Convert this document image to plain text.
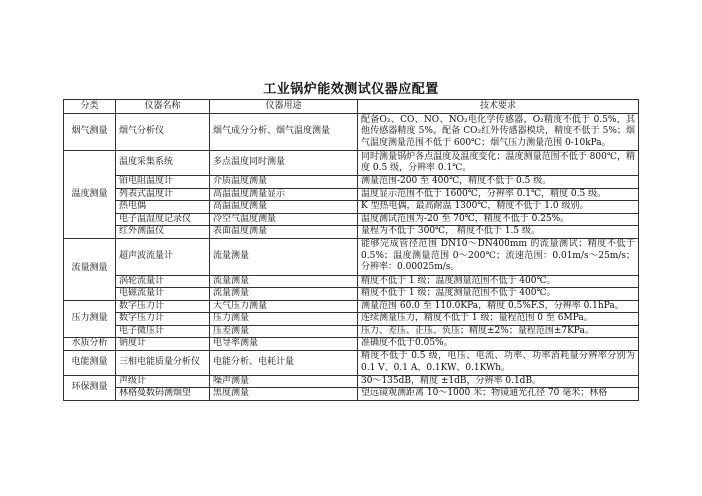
工业锅炉能效测试仪器应配置
分类	仪器名称	仪器用途	技术要求
烟气测量	烟气分析仪	烟气成分分析、烟气温度测量	配备O₂、CO、NO、NO₂电化学传感器，O₂精度不低于 0.5%，其他传感器精度 5%。配备 CO₂红外传感器模块，精度不低于 5%；烟气温度测量范围不低于 600℃；烟气压力测量范围 0-10kPa。
温度测量	温度采集系统	多点温度同时测量	同时测量锅炉各点温度及温度变化；温度测量范围不低于 800℃，精度 0.5 级，分辨率 0.1℃。
	铂电阻温度计	介质温度测量	测量范围-200 至 400℃，精度不低于 0.5 级。
	列表式温度计	高温温度测量显示	温度显示范围不低于 1600℃，分辨率 0.1℃，精度 0.5 级。
	热电偶	高温温度测量	K 型热电偶，最高耐温 1300℃，精度不低于 1.0 级别。
	电子温湿度记录仪	冷空气温度测量	温度测试范围为-20 至 70℃，精度不低于 0.25%。
	红外测温仪	表面温度测量	量程为不低于 300℃， 精度不低于 1.5 级。
流量测量	超声波流量计	流量测量	能够完成管径范围 DN10～DN400mm 的流量测试；精度不低于 0.5%；温度测量范围 0～200℃；流速范围：0.01m/s～25m/s；分辨率：0.00025m/s。
	涡轮流量计	流量测量	精度不低于 1 级；温度测量范围不低于 400℃。
	电磁流量计	流量测量	精度不低于 1 级；温度测量范围不低于 400℃。
压力测量	数字压力计	大气压力测量	测量范围 60.0 至 110.0KPa，精度 0.5%F.S，分辨率 0.1hPa。
	数字压力计	压力测量	连续测量压力，精度不低于 1 级；量程范围 0 至 6MPa。
	电子微压计	压差测量	压力、差压、正压、负压；精度±2%；量程范围±7KPa。
水质分析	钠度计	电导率测量	准确度不低于0.05%。
电能测量	三相电能质量分析仪	电能分析、电耗计量	精度不低于 0.5 级，电压、电流、功率、功率消耗量分辨率分别为 0.1 V、0.1 A、0.1KW、0.1KWh。
环保测量	声级计	噪声测量	30～135dB，精度 ±1dB，分辨率 0.1dB。
	林格曼数码测烟望	黑度测量	望远镜观测距离 10～1000 米；物镜通光孔径 70 毫米；林格
